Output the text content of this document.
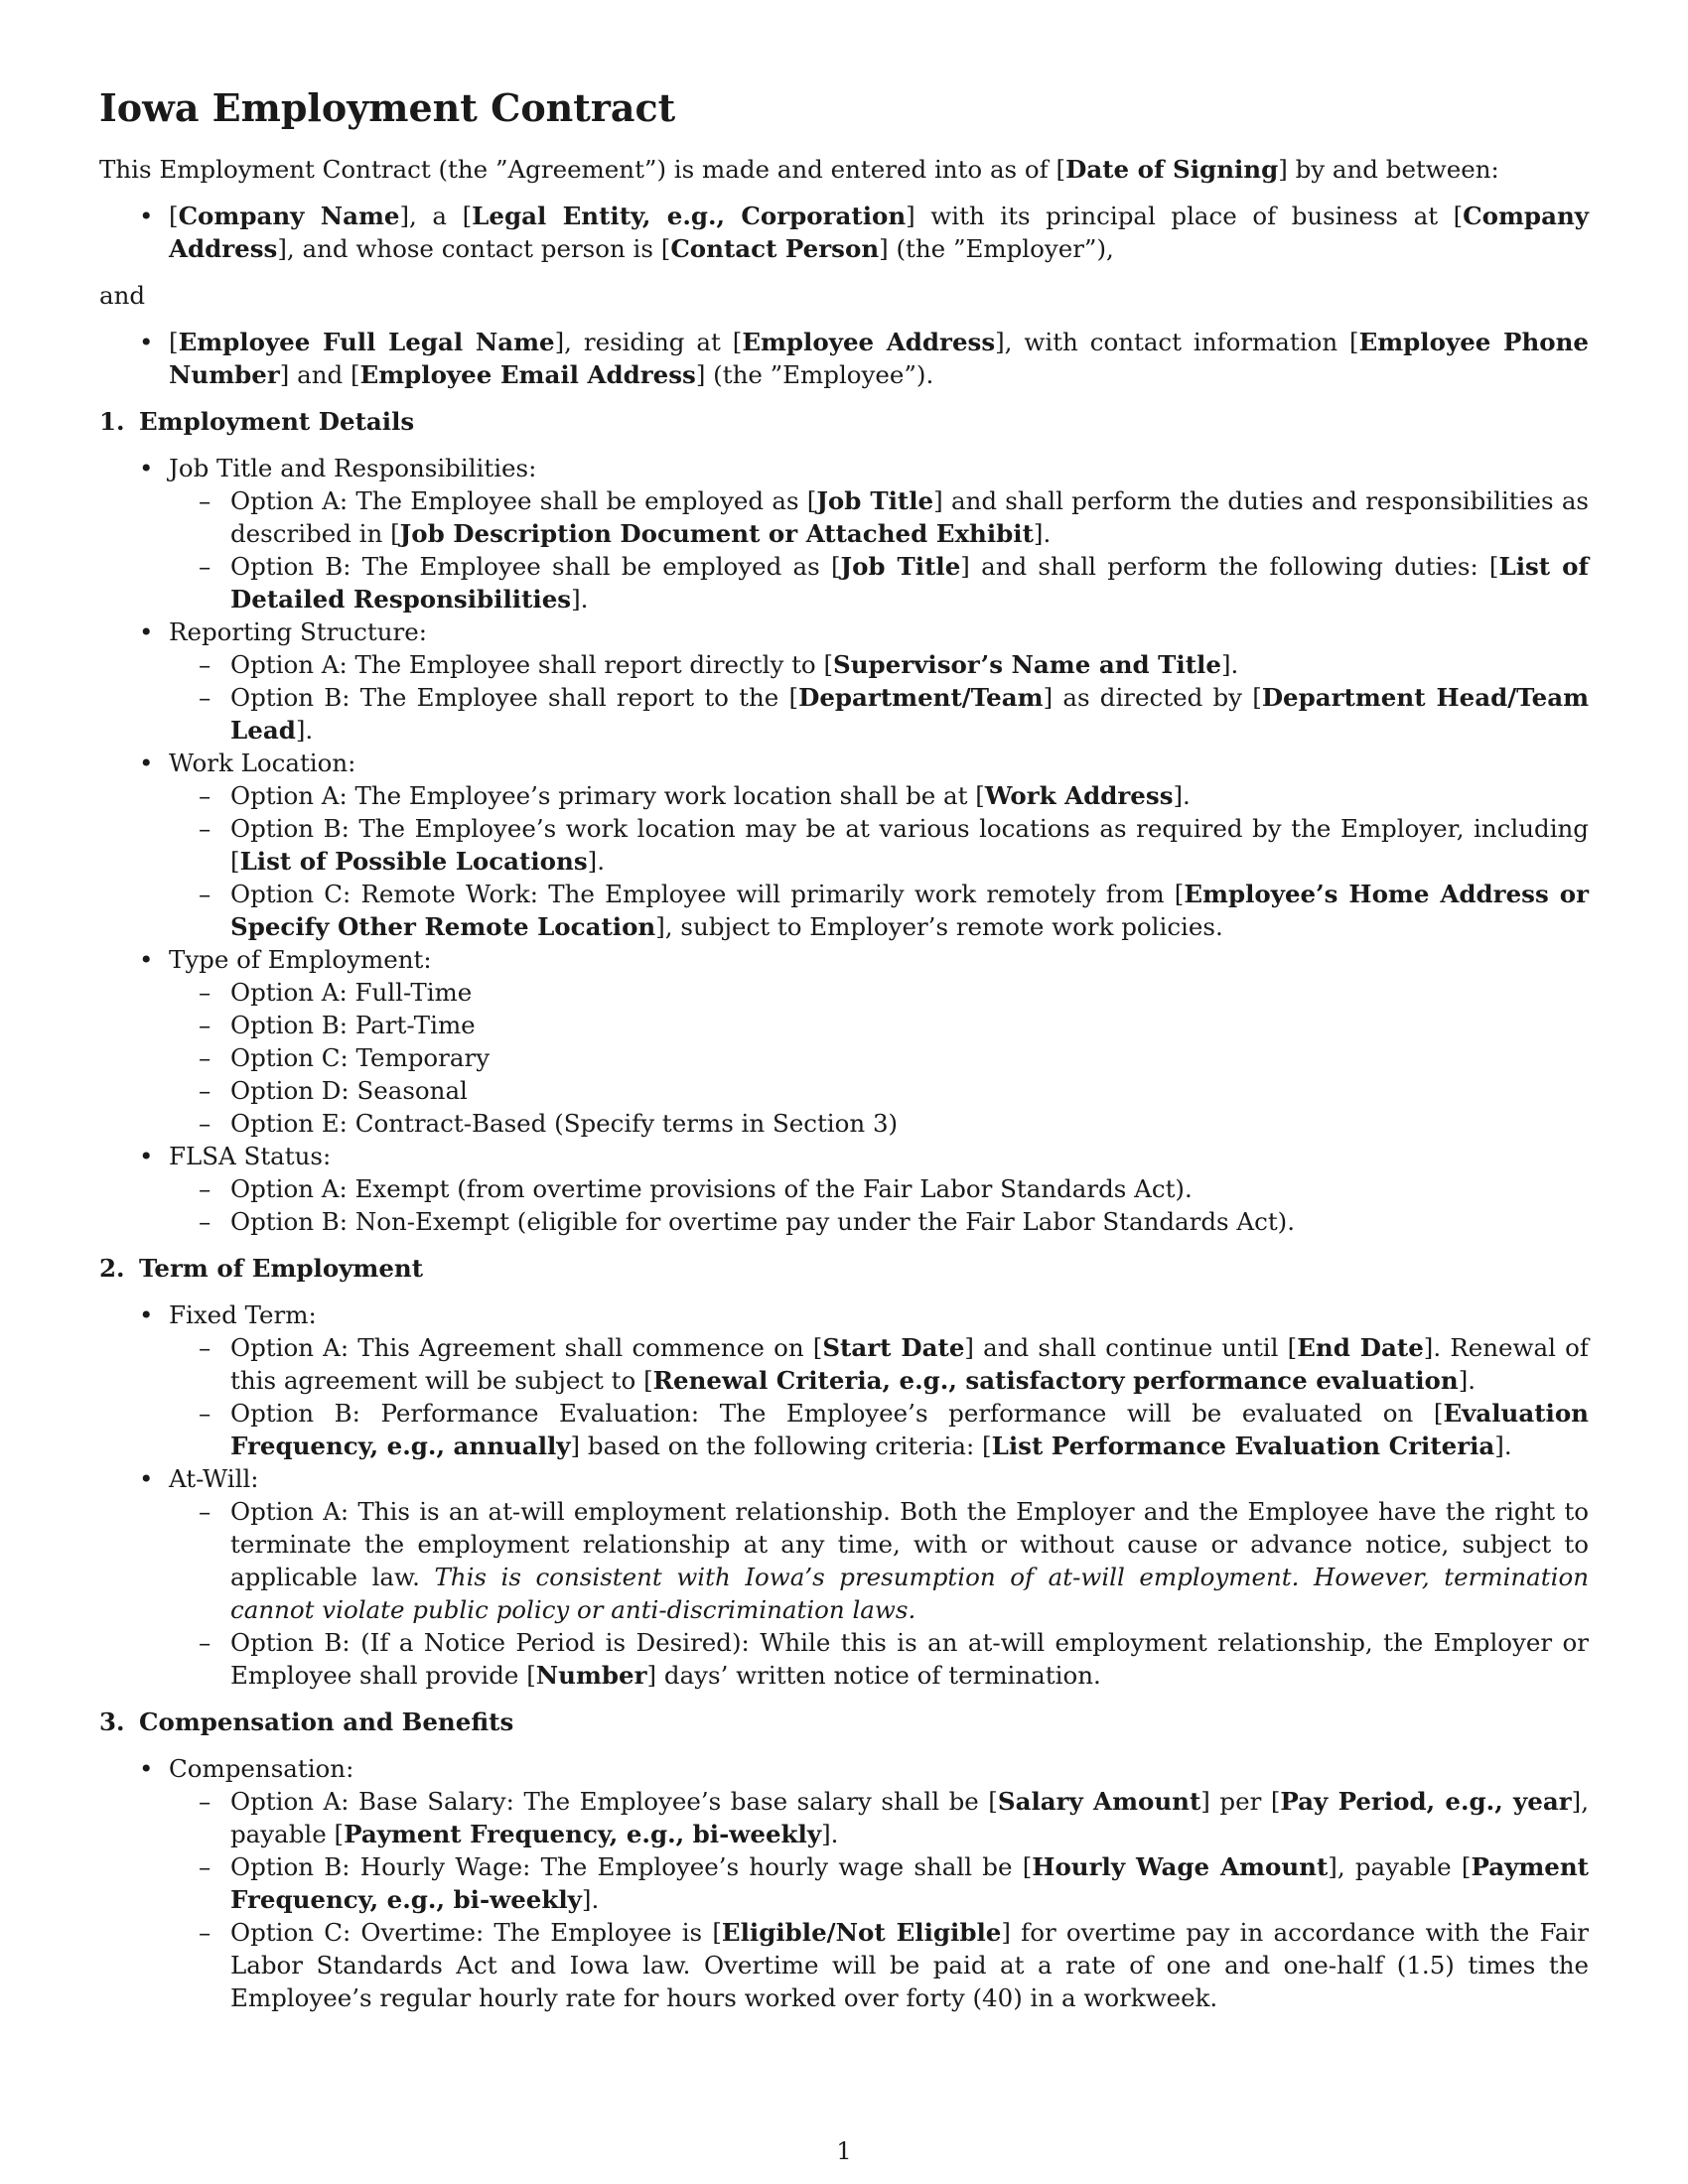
Iowa Employment Contract

This Employment Contract (the ”Agreement”) is made and entered into as of [Date of Signing] by and between:

• [Company Name], a [Legal Entity, e.g., Corporation] with its principal place of business at [Company Address], and whose contact person is [Contact Person] (the ”Employer”),

and

• [Employee Full Legal Name], residing at [Employee Address], with contact information [Employee Phone Number] and [Employee Email Address] (the ”Employee”).
1. Employment Details
• Job Title and Responsibilities:
– Option A: The Employee shall be employed as [Job Title] and shall perform the duties and responsibilities as described in [Job Description Document or Attached Exhibit].
– Option B: The Employee shall be employed as [Job Title] and shall perform the following duties: [List of Detailed Responsibilities].
• Reporting Structure:
– Option A: The Employee shall report directly to [Supervisor’s Name and Title].
– Option B: The Employee shall report to the [Department/Team] as directed by [Department Head/Team Lead].
• Work Location:
– Option A: The Employee’s primary work location shall be at [Work Address].
– Option B: The Employee’s work location may be at various locations as required by the Employer, including [List of Possible Locations].
– Option C: Remote Work: The Employee will primarily work remotely from [Employee’s Home Address or Specify Other Remote Location], subject to Employer’s remote work policies.
• Type of Employment:
– Option A: Full-Time
– Option B: Part-Time
– Option C: Temporary
– Option D: Seasonal
– Option E: Contract-Based (Specify terms in Section 3)
• FLSA Status:
– Option A: Exempt (from overtime provisions of the Fair Labor Standards Act).
– Option B: Non-Exempt (eligible for overtime pay under the Fair Labor Standards Act).
2. Term of Employment
• Fixed Term:
– Option A: This Agreement shall commence on [Start Date] and shall continue until [End Date]. Renewal of this agreement will be subject to [Renewal Criteria, e.g., satisfactory performance evaluation].
– Option B: Performance Evaluation: The Employee’s performance will be evaluated on [Evaluation Frequency, e.g., annually] based on the following criteria: [List Performance Evaluation Criteria].
• At-Will:
– Option A: This is an at-will employment relationship. Both the Employer and the Employee have the right to terminate the employment relationship at any time, with or without cause or advance notice, subject to applicable law. This is consistent with Iowa’s presumption of at-will employment. However, termination cannot violate public policy or anti-discrimination laws.
– Option B: (If a Notice Period is Desired): While this is an at-will employment relationship, the Employer or Employee shall provide [Number] days’ written notice of termination.
3. Compensation and Benefits
• Compensation:
– Option A: Base Salary: The Employee’s base salary shall be [Salary Amount] per [Pay Period, e.g., year], payable [Payment Frequency, e.g., bi-weekly].
– Option B: Hourly Wage: The Employee’s hourly wage shall be [Hourly Wage Amount], payable [Payment Frequency, e.g., bi-weekly].
– Option C: Overtime: The Employee is [Eligible/Not Eligible] for overtime pay in accordance with the Fair Labor Standards Act and Iowa law. Overtime will be paid at a rate of one and one-half (1.5) times the Employee’s regular hourly rate for hours worked over forty (40) in a workweek.
1
